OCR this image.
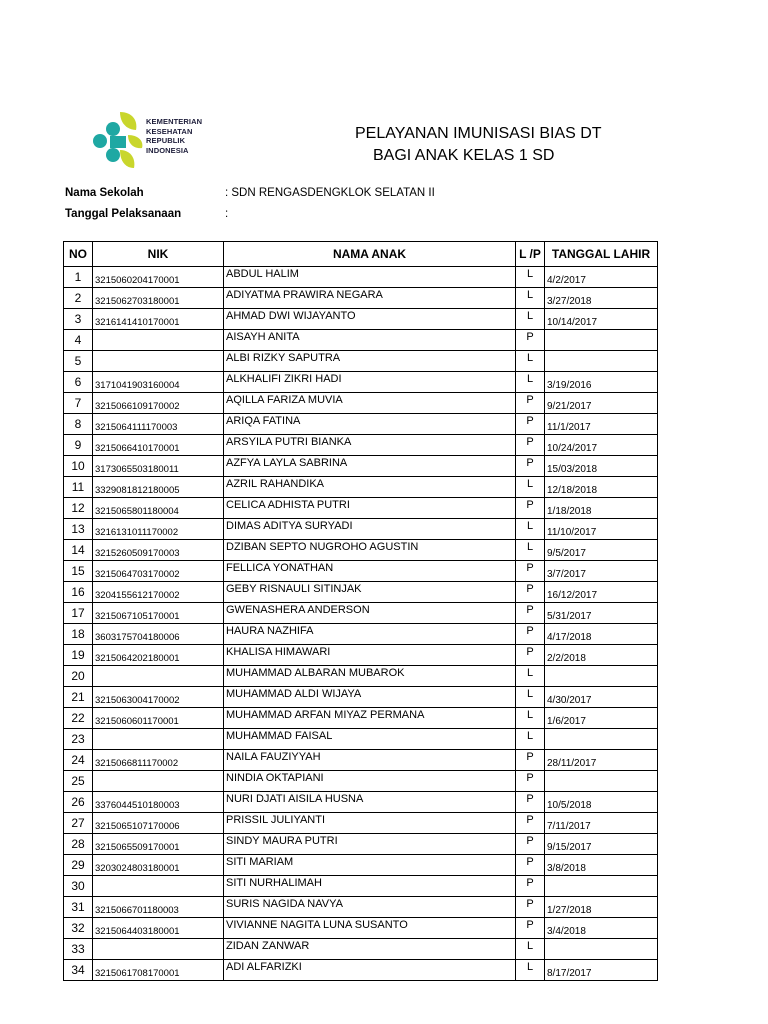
KEMENTERIAN
KESEHATAN
REPUBLIK
INDONESIA
PELAYANAN IMUNISASI BIAS DT
BAGI ANAK KELAS 1 SD
Nama Sekolah	: SDN RENGASDENGKLOK SELATAN II
Tanggal Pelaksanaan	:
NO	NIK	NAMA ANAK	L /P	TANGGAL LAHIR
1	3215060204170001	ABDUL HALIM	L	4/2/2017
2	3215062703180001	ADIYATMA PRAWIRA NEGARA	L	3/27/2018
3	3216141410170001	AHMAD DWI WIJAYANTO	L	10/14/2017
4		AISAYH ANITA	P	
5		ALBI RIZKY SAPUTRA	L	
6	3171041903160004	ALKHALIFI ZIKRI HADI	L	3/19/2016
7	3215066109170002	AQILLA FARIZA MUVIA	P	9/21/2017
8	3215064111170003	ARIQA FATINA	P	11/1/2017
9	3215066410170001	ARSYILA PUTRI BIANKA	P	10/24/2017
10	3173065503180011	AZFYA LAYLA SABRINA	P	15/03/2018
11	3329081812180005	AZRIL RAHANDIKA	L	12/18/2018
12	3215065801180004	CELICA ADHISTA PUTRI	P	1/18/2018
13	3216131011170002	DIMAS ADITYA SURYADI	L	11/10/2017
14	3215260509170003	DZIBAN SEPTO NUGROHO AGUSTIN	L	9/5/2017
15	3215064703170002	FELLICA YONATHAN	P	3/7/2017
16	3204155612170002	GEBY RISNAULI SITINJAK	P	16/12/2017
17	3215067105170001	GWENASHERA ANDERSON	P	5/31/2017
18	3603175704180006	HAURA NAZHIFA	P	4/17/2018
19	3215064202180001	KHALISA HIMAWARI	P	2/2/2018
20		MUHAMMAD ALBARAN MUBAROK	L	
21	3215063004170002	MUHAMMAD ALDI WIJAYA	L	4/30/2017
22	3215060601170001	MUHAMMAD ARFAN MIYAZ PERMANA	L	1/6/2017
23		MUHAMMAD FAISAL	L	
24	3215066811170002	NAILA FAUZIYYAH	P	28/11/2017
25		NINDIA OKTAPIANI	P	
26	3376044510180003	NURI DJATI AISILA HUSNA	P	10/5/2018
27	3215065107170006	PRISSIL JULIYANTI	P	7/11/2017
28	3215065509170001	SINDY MAURA PUTRI	P	9/15/2017
29	3203024803180001	SITI MARIAM	P	3/8/2018
30		SITI NURHALIMAH	P	
31	3215066701180003	SURIS NAGIDA NAVYA	P	1/27/2018
32	3215064403180001	VIVIANNE NAGITA LUNA SUSANTO	P	3/4/2018
33		ZIDAN ZANWAR	L	
34	3215061708170001	ADI ALFARIZKI	L	8/17/2017
